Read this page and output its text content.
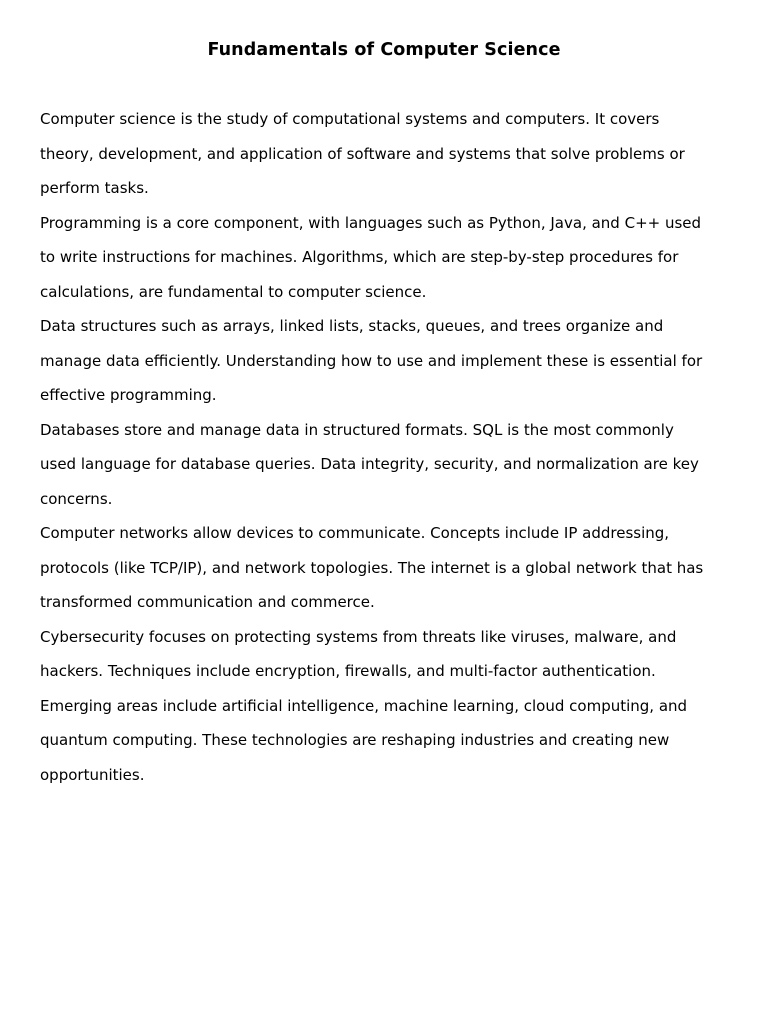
Fundamentals of Computer Science

Computer science is the study of computational systems and computers. It covers
theory, development, and application of software and systems that solve problems or
perform tasks.

Programming is a core component, with languages such as Python, Java, and C++ used
to write instructions for machines. Algorithms, which are step-by-step procedures for
calculations, are fundamental to computer science.

Data structures such as arrays, linked lists, stacks, queues, and trees organize and
manage data efficiently. Understanding how to use and implement these is essential for
effective programming.

Databases store and manage data in structured formats. SQL is the most commonly
used language for database queries. Data integrity, security, and normalization are key
concerns.

Computer networks allow devices to communicate. Concepts include IP addressing,
protocols (like TCP/IP), and network topologies. The internet is a global network that has
transformed communication and commerce.

Cybersecurity focuses on protecting systems from threats like viruses, malware, and
hackers. Techniques include encryption, firewalls, and multi-factor authentication.

Emerging areas include artificial intelligence, machine learning, cloud computing, and
quantum computing. These technologies are reshaping industries and creating new
opportunities.
